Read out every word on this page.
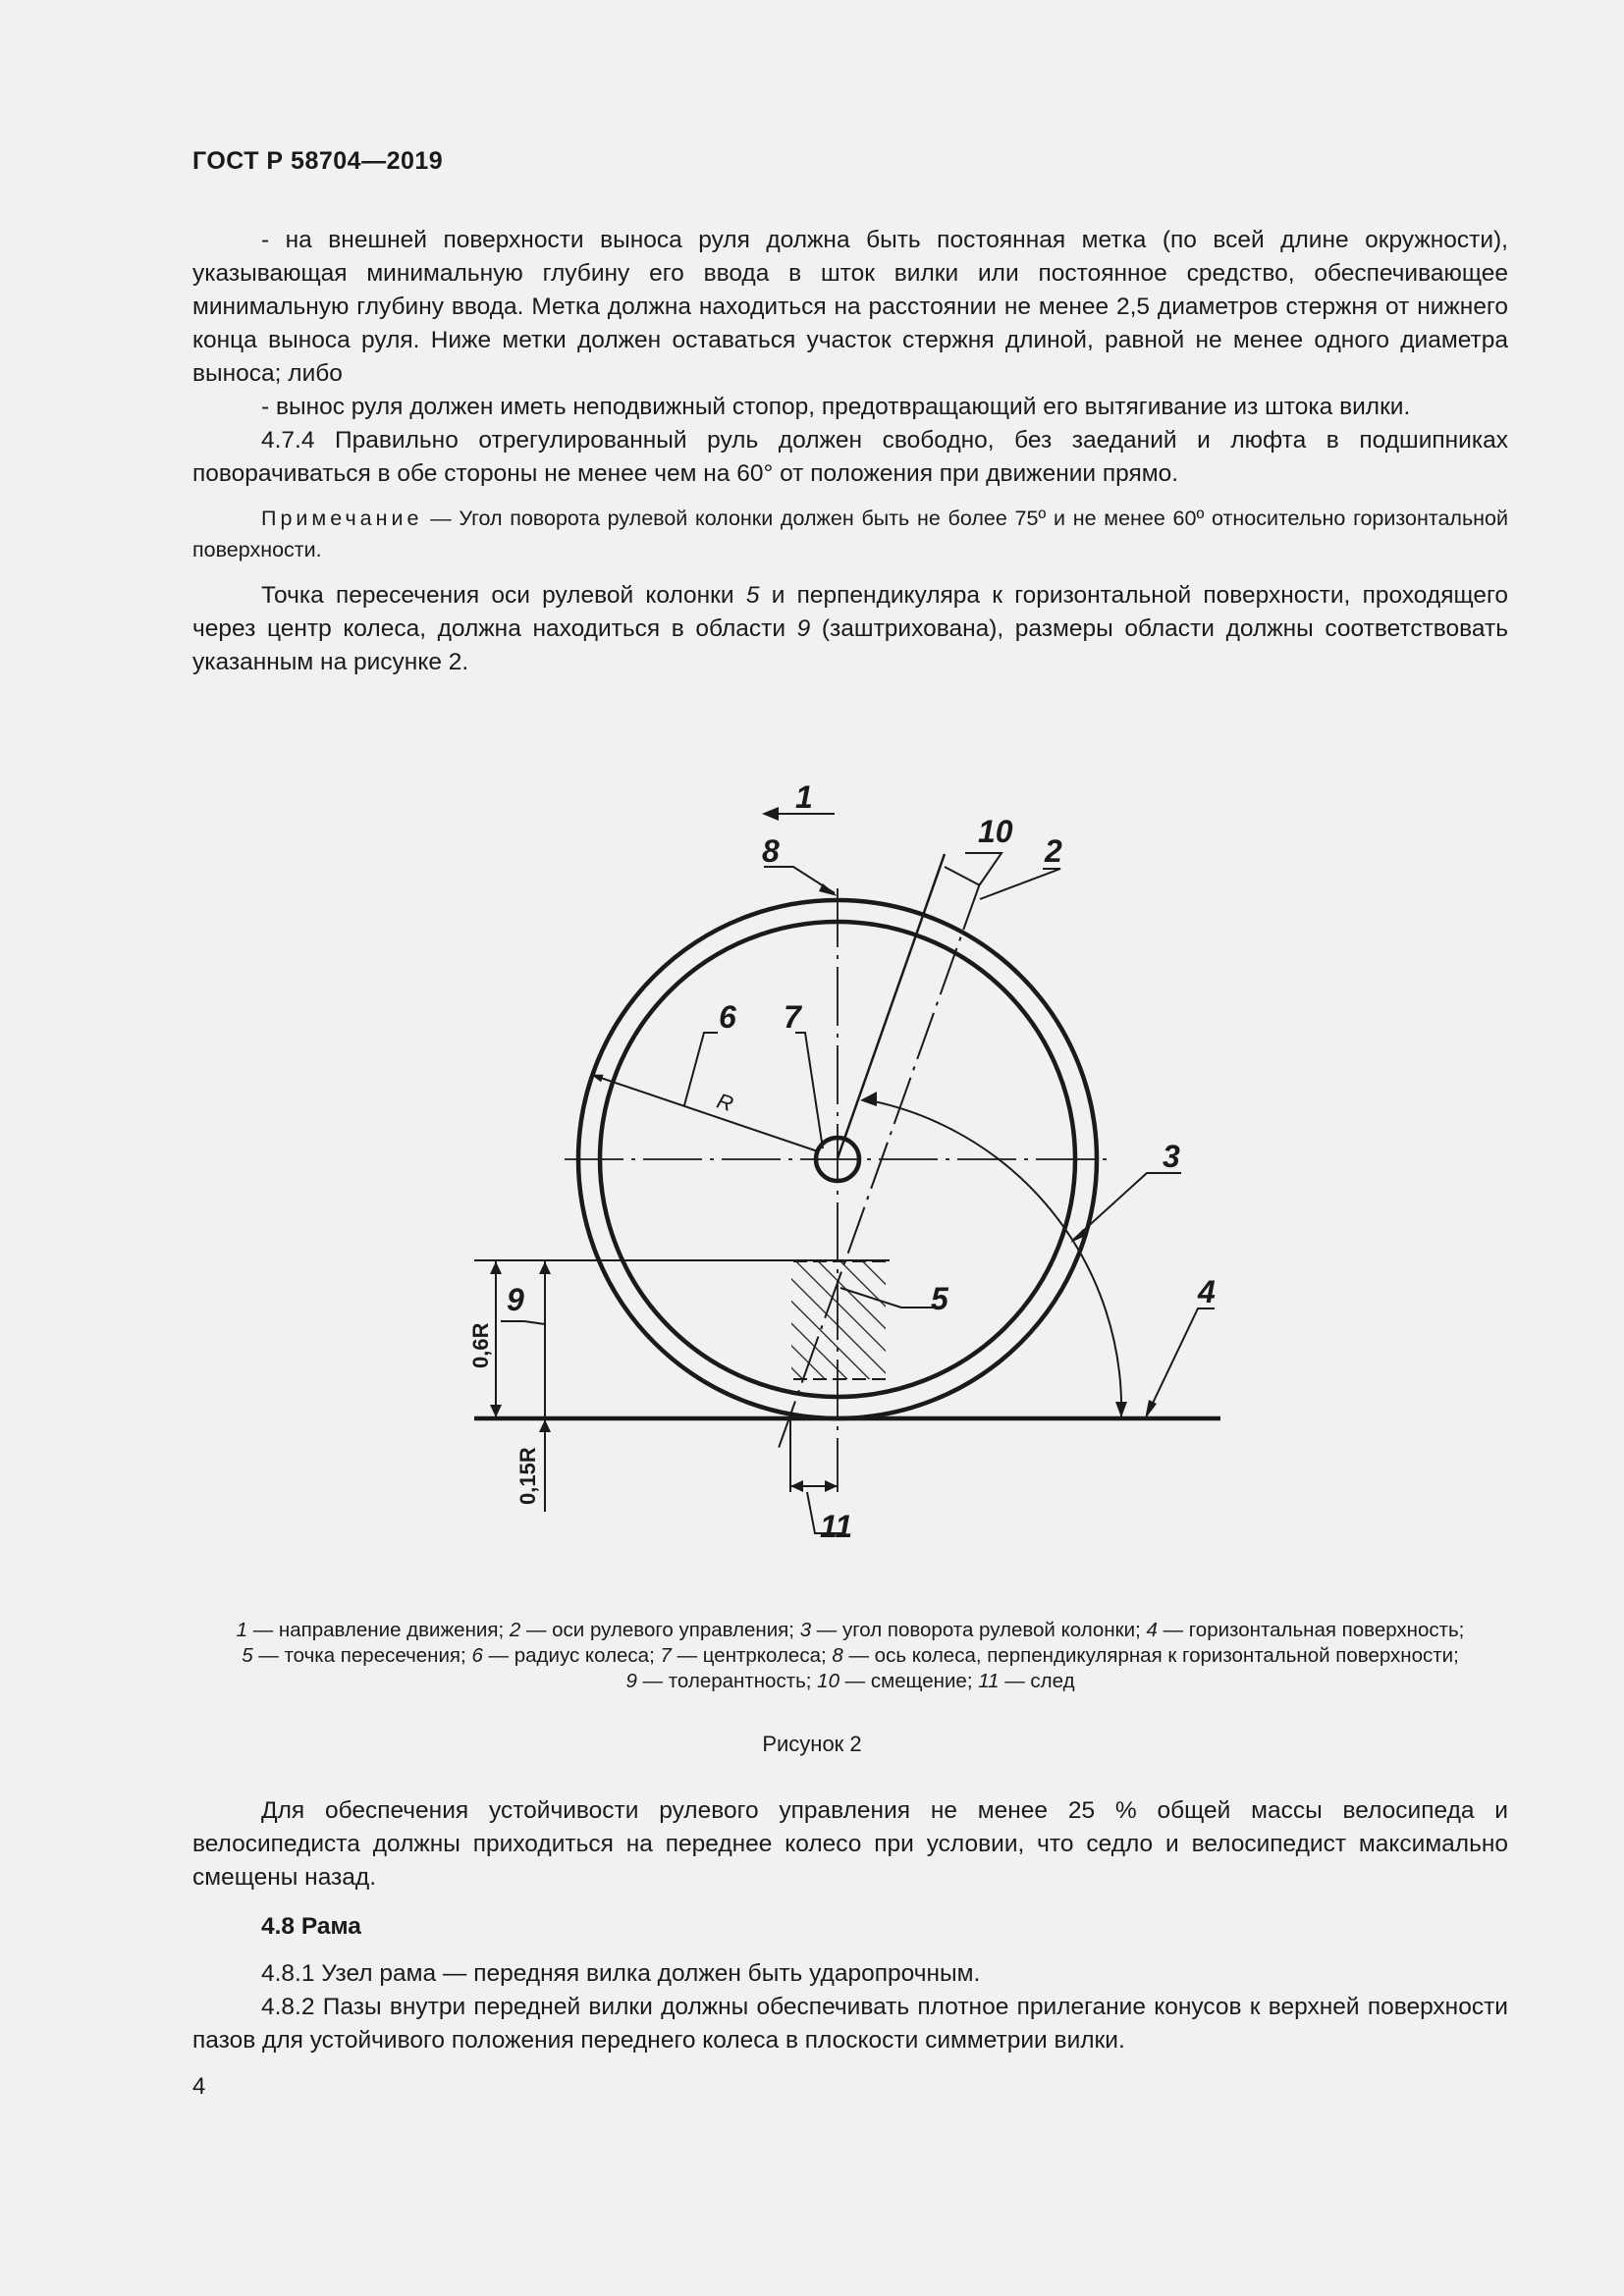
ГОСТ Р 58704—2019

- на внешней поверхности выноса руля должна быть постоянная метка (по всей длине окружности), указывающая минимальную глубину его ввода в шток вилки или постоянное средство, обеспечивающее минимальную глубину ввода. Метка должна находиться на расстоянии не менее 2,5 диаметров стержня от нижнего конца выноса руля. Ниже метки должен оставаться участок стержня длиной, равной не менее одного диаметра выноса; либо

- вынос руля должен иметь неподвижный стопор, предотвращающий его вытягивание из штока вилки.

4.7.4 Правильно отрегулированный руль должен свободно, без заеданий и люфта в подшипниках поворачиваться в обе стороны не менее чем на 60° от положения при движении прямо.

Примечание — Угол поворота рулевой колонки должен быть не более 75º и не менее 60º относительно горизонтальной поверхности.

Точка пересечения оси рулевой колонки 5 и перпендикуляра к горизонтальной поверхности, проходящего через центр колеса, должна находиться в области 9 (заштрихована), размеры области должны соответствовать указанным на рисунке 2.

1
8
10
2
6 7
3
4
5
9
11
R
0,6R
0,15R
1 — направление движения; 2 — оси рулевого управления; 3 — угол поворота рулевой колонки; 4 — горизонтальная поверхность;
5 — точка пересечения; 6 — радиус колеса; 7 — центрколеса; 8 — ось колеса, перпендикулярная к горизонтальной поверхности;
9 — толерантность; 10 — смещение; 11 — след
Рисунок 2

Для обеспечения устойчивости рулевого управления не менее 25 % общей массы велосипеда и велосипедиста должны приходиться на переднее колесо при условии, что седло и велосипедист максимально смещены назад.

4.8 Рама

4.8.1 Узел рама — передняя вилка должен быть ударопрочным.

4.8.2 Пазы внутри передней вилки должны обеспечивать плотное прилегание конусов к верхней поверхности пазов для устойчивого положения переднего колеса в плоскости симметрии вилки.

4
